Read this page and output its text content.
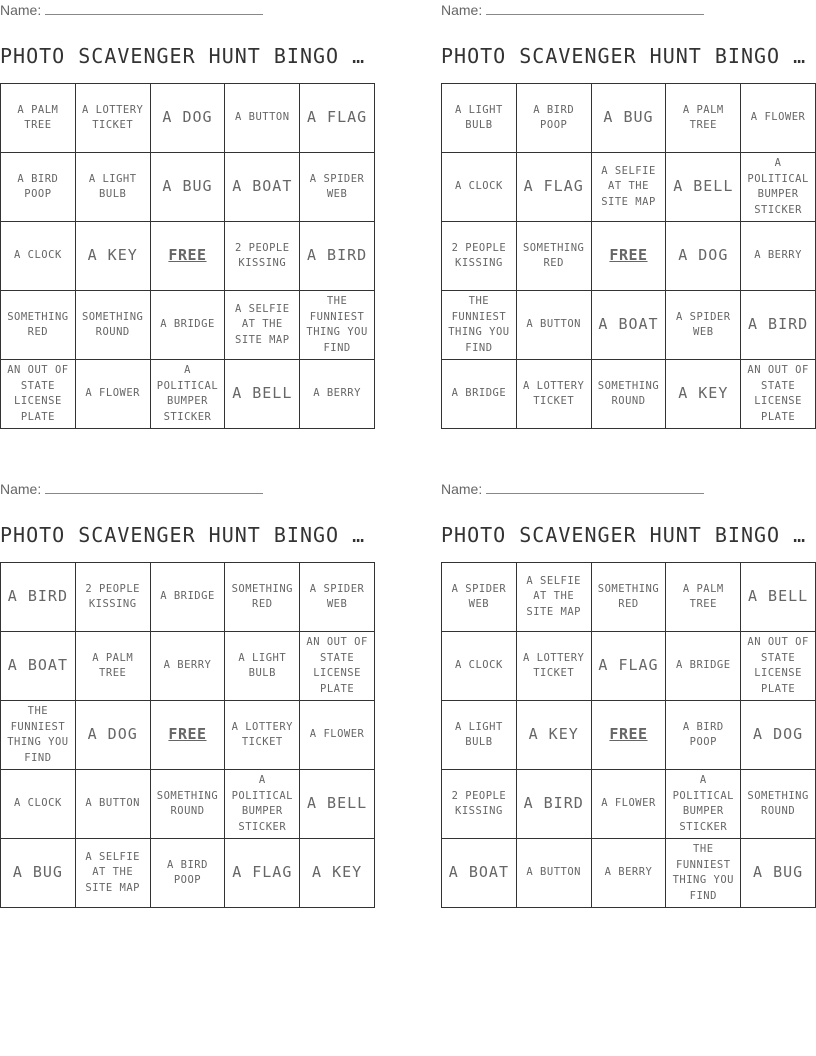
Name:
PHOTO SCAVENGER HUNT BINGO …
A PALM TREE	A LOTTERY TICKET	A DOG	A BUTTON	A FLAG
A BIRD POOP	A LIGHT BULB	A BUG	A BOAT	A SPIDER WEB
A CLOCK	A KEY	FREE	2 PEOPLE KISSING	A BIRD
SOMETHING RED	SOMETHING ROUND	A BRIDGE	A SELFIE AT THE SITE MAP	THE FUNNIEST THING YOU FIND
AN OUT OF STATE LICENSE PLATE	A FLOWER	A POLITICAL BUMPER STICKER	A BELL	A BERRY
Name:
PHOTO SCAVENGER HUNT BINGO …
A LIGHT BULB	A BIRD POOP	A BUG	A PALM TREE	A FLOWER
A CLOCK	A FLAG	A SELFIE AT THE SITE MAP	A BELL	A POLITICAL BUMPER STICKER
2 PEOPLE KISSING	SOMETHING RED	FREE	A DOG	A BERRY
THE FUNNIEST THING YOU FIND	A BUTTON	A BOAT	A SPIDER WEB	A BIRD
A BRIDGE	A LOTTERY TICKET	SOMETHING ROUND	A KEY	AN OUT OF STATE LICENSE PLATE
Name:
PHOTO SCAVENGER HUNT BINGO …
A BIRD	2 PEOPLE KISSING	A BRIDGE	SOMETHING RED	A SPIDER WEB
A BOAT	A PALM TREE	A BERRY	A LIGHT BULB	AN OUT OF STATE LICENSE PLATE
THE FUNNIEST THING YOU FIND	A DOG	FREE	A LOTTERY TICKET	A FLOWER
A CLOCK	A BUTTON	SOMETHING ROUND	A POLITICAL BUMPER STICKER	A BELL
A BUG	A SELFIE AT THE SITE MAP	A BIRD POOP	A FLAG	A KEY
Name:
PHOTO SCAVENGER HUNT BINGO …
A SPIDER WEB	A SELFIE AT THE SITE MAP	SOMETHING RED	A PALM TREE	A BELL
A CLOCK	A LOTTERY TICKET	A FLAG	A BRIDGE	AN OUT OF STATE LICENSE PLATE
A LIGHT BULB	A KEY	FREE	A BIRD POOP	A DOG
2 PEOPLE KISSING	A BIRD	A FLOWER	A POLITICAL BUMPER STICKER	SOMETHING ROUND
A BOAT	A BUTTON	A BERRY	THE FUNNIEST THING YOU FIND	A BUG
